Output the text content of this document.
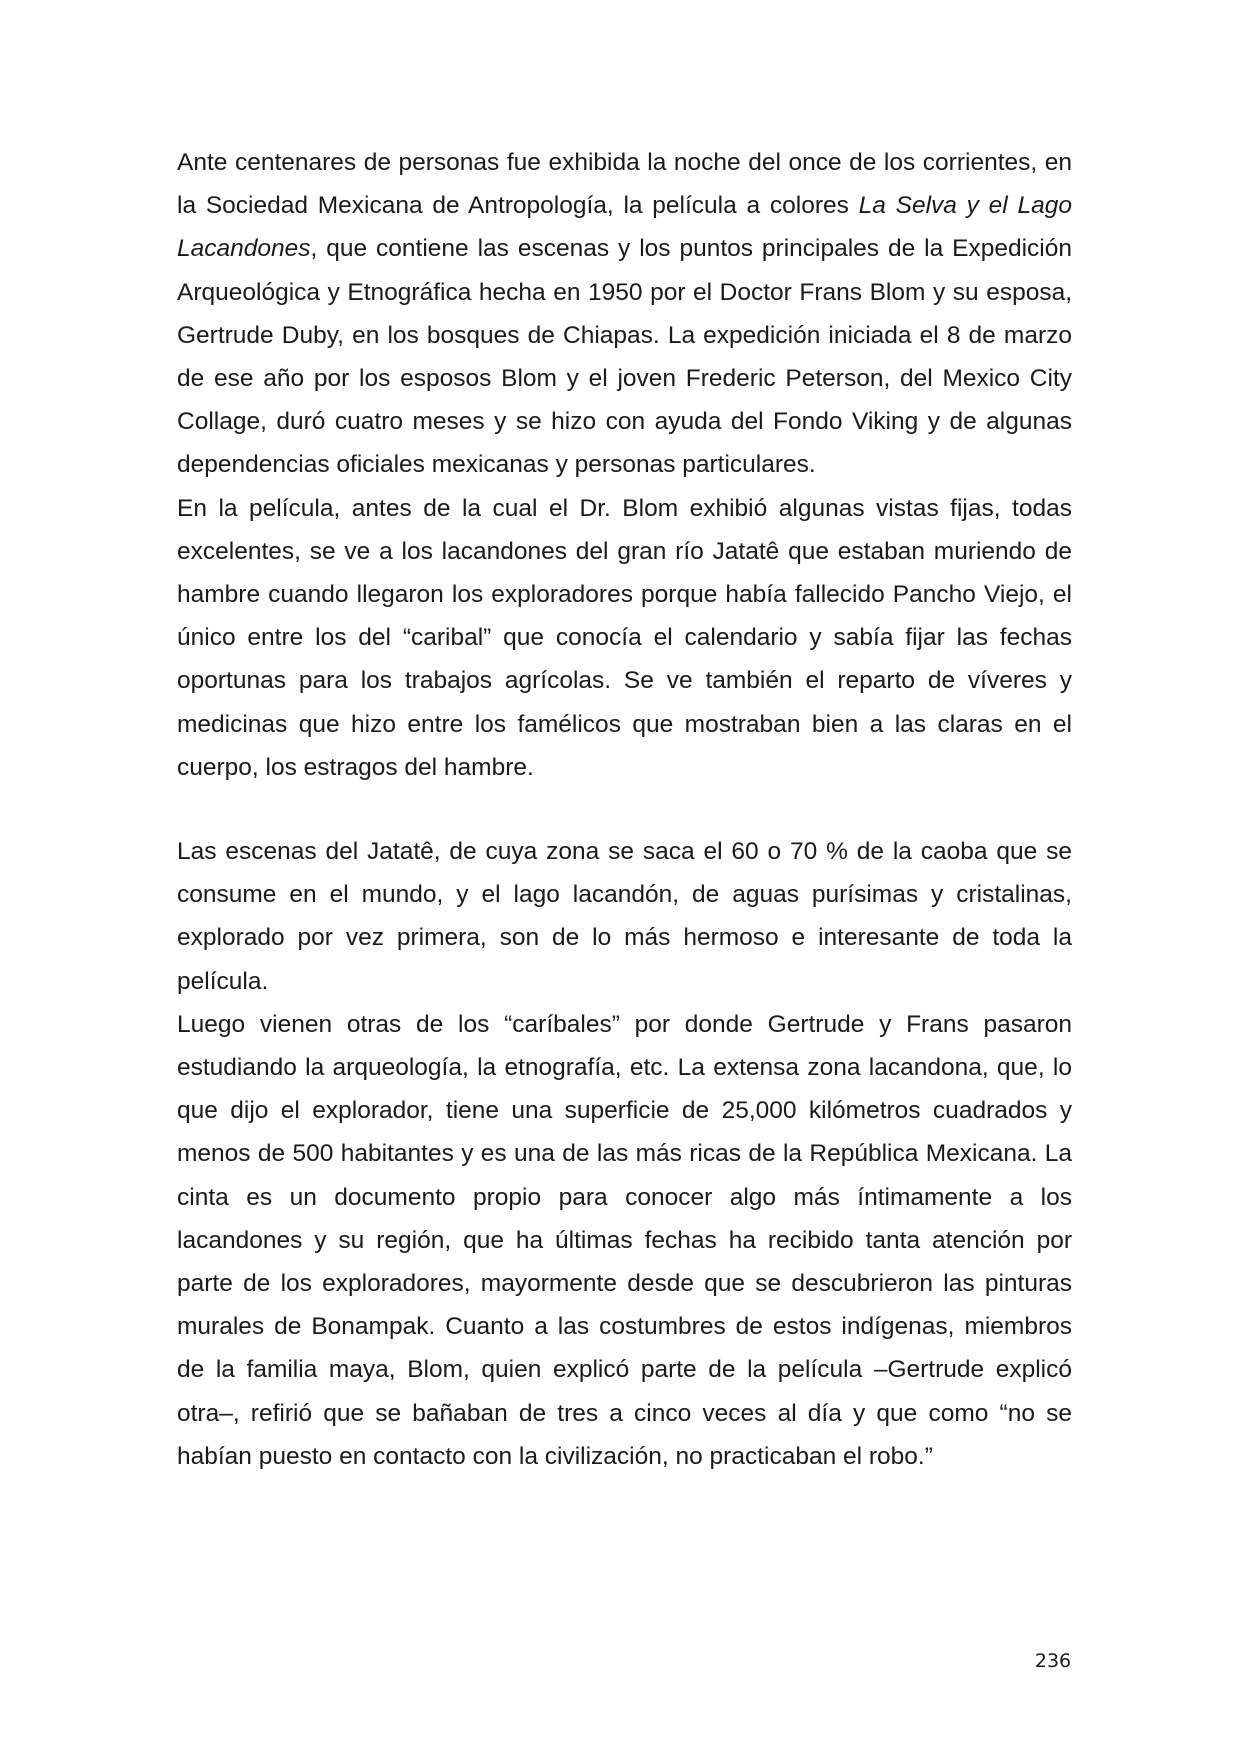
Ante centenares de personas fue exhibida la noche del once de los corrientes, en la Sociedad Mexicana de Antropología, la película a colores La Selva y el Lago Lacandones, que contiene las escenas y los puntos principales de la Expedición Arqueológica y Etnográfica hecha en 1950 por el Doctor Frans Blom y su esposa, Gertrude Duby, en los bosques de Chiapas. La expedición iniciada el 8 de marzo de ese año por los esposos Blom y el joven Frederic Peterson, del Mexico City Collage, duró cuatro meses y se hizo con ayuda del Fondo Viking y de algunas dependencias oficiales mexicanas y personas particulares.

En la película, antes de la cual el Dr. Blom exhibió algunas vistas fijas, todas excelentes, se ve a los lacandones del gran río Jatatê que estaban muriendo de hambre cuando llegaron los exploradores porque había fallecido Pancho Viejo, el único entre los del “caribal” que conocía el calendario y sabía fijar las fechas oportunas para los trabajos agrícolas. Se ve también el reparto de víveres y medicinas que hizo entre los famélicos que mostraban bien a las claras en el cuerpo, los estragos del hambre.

Las escenas del Jatatê, de cuya zona se saca el 60 o 70 % de la caoba que se consume en el mundo, y el lago lacandón, de aguas purísimas y cristalinas, explorado por vez primera, son de lo más hermoso e interesante de toda la película.

Luego vienen otras de los “caríbales” por donde Gertrude y Frans pasaron estudiando la arqueología, la etnografía, etc. La extensa zona lacandona, que, lo que dijo el explorador, tiene una superficie de 25,000 kilómetros cuadrados y menos de 500 habitantes y es una de las más ricas de la República Mexicana. La cinta es un documento propio para conocer algo más íntimamente a los lacandones y su región, que ha últimas fechas ha recibido tanta atención por parte de los exploradores, mayormente desde que se descubrieron las pinturas murales de Bonampak. Cuanto a las costumbres de estos indígenas, miembros de la familia maya, Blom, quien explicó parte de la película –Gertrude explicó otra–, refirió que se bañaban de tres a cinco veces al día y que como “no se habían puesto en contacto con la civilización, no practicaban el robo.”

236
